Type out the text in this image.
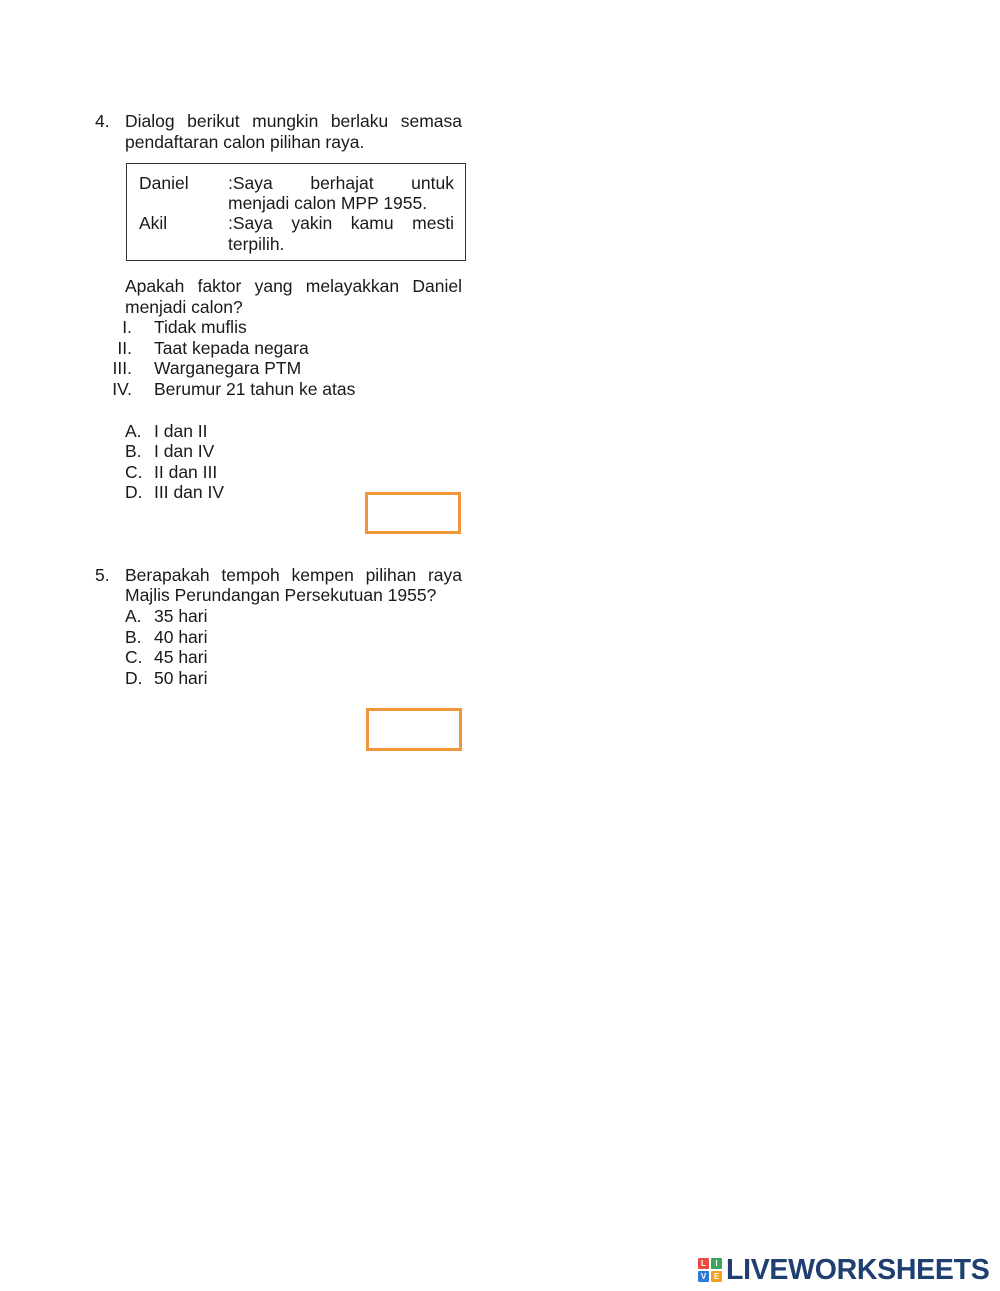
4. Dialog berikut mungkin berlaku semasa
pendaftaran calon pilihan raya.
Daniel :Saya berhajat untuk
menjadi calon MPP 1955.
Akil	:Saya yakin kamu mesti
terpilih.
Apakah faktor yang melayakkan Daniel
menjadi calon?
I. Tidak muflis
II. Taat kepada negara
III. Warganegara PTM
IV. Berumur 21 tahun ke atas
A. I dan II
B. I dan IV
C. II dan III
D. III dan IV
5. Berapakah tempoh kempen pilihan raya
Majlis Perundangan Persekutuan 1955?
A. 35 hari
B. 40 hari
C. 45 hari
D. 50 hari
L	I
V E LIVEWORKSHEETS
